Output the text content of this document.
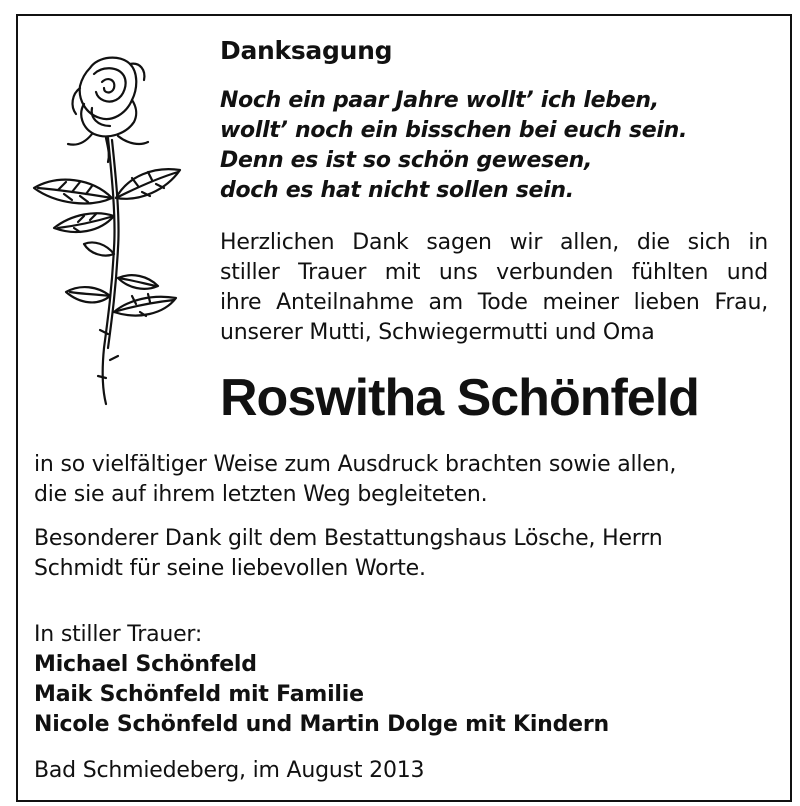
Danksagung
Noch ein paar Jahre wollt’ ich leben,
wollt’ noch ein bisschen bei euch sein.
Denn es ist so schön gewesen,
doch es hat nicht sollen sein.
Herzlichen Dank sagen wir allen, die sich in
stiller Trauer mit uns verbunden fühlten und
ihre Anteilnahme am Tode meiner lieben Frau,
unserer Mutti, Schwiegermutti und Oma
Roswitha Schönfeld
in so vielfältiger Weise zum Ausdruck brachten sowie allen,
die sie auf ihrem letzten Weg begleiteten.
Besonderer Dank gilt dem Bestattungshaus Lösche, Herrn
Schmidt für seine liebevollen Worte.
In stiller Trauer:
Michael Schönfeld
Maik Schönfeld mit Familie
Nicole Schönfeld und Martin Dolge mit Kindern
Bad Schmiedeberg, im August 2013
